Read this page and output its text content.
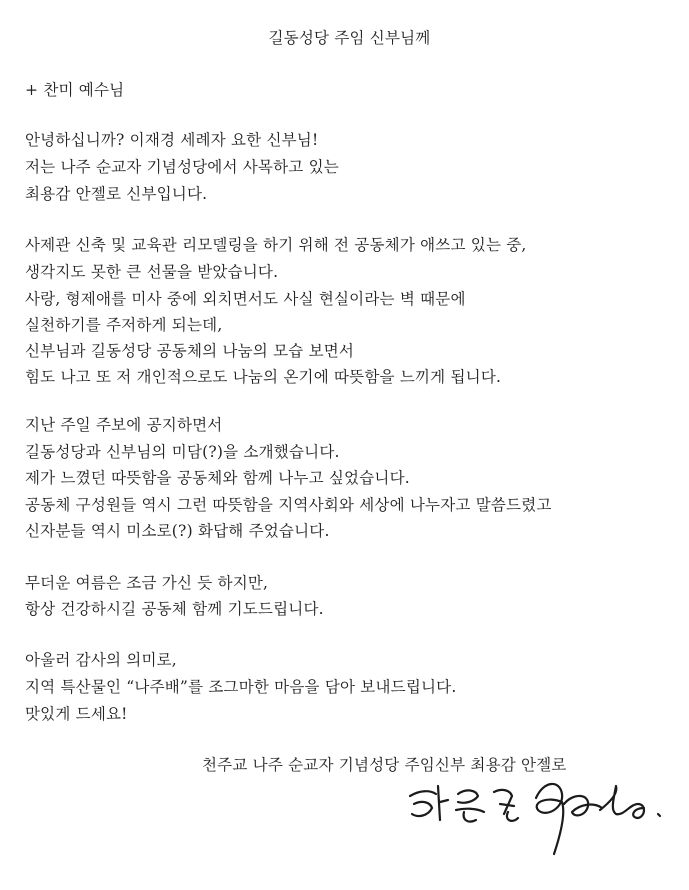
길동성당 주임 신부님께
+ 찬미 예수님
안녕하십니까? 이재경 세례자 요한 신부님!
저는 나주 순교자 기념성당에서 사목하고 있는
최용감 안젤로 신부입니다.
사제관 신축 및 교육관 리모델링을 하기 위해 전 공동체가 애쓰고 있는 중,
생각지도 못한 큰 선물을 받았습니다.
사랑, 형제애를 미사 중에 외치면서도 사실 현실이라는 벽 때문에
실천하기를 주저하게 되는데,
신부님과 길동성당 공동체의 나눔의 모습 보면서
힘도 나고 또 저 개인적으로도 나눔의 온기에 따뜻함을 느끼게 됩니다.
지난 주일 주보에 공지하면서
길동성당과 신부님의 미담(?)을 소개했습니다.
제가 느꼈던 따뜻함을 공동체와 함께 나누고 싶었습니다.
공동체 구성원들 역시 그런 따뜻함을 지역사회와 세상에 나누자고 말씀드렸고
신자분들 역시 미소로(?) 화답해 주었습니다.
무더운 여름은 조금 가신 듯 하지만,
항상 건강하시길 공동체 함께 기도드립니다.
아울러 감사의 의미로,
지역 특산물인 “나주배”를 조그마한 마음을 담아 보내드립니다.
맛있게 드세요!
천주교 나주 순교자 기념성당 주임신부 최용감 안젤로
